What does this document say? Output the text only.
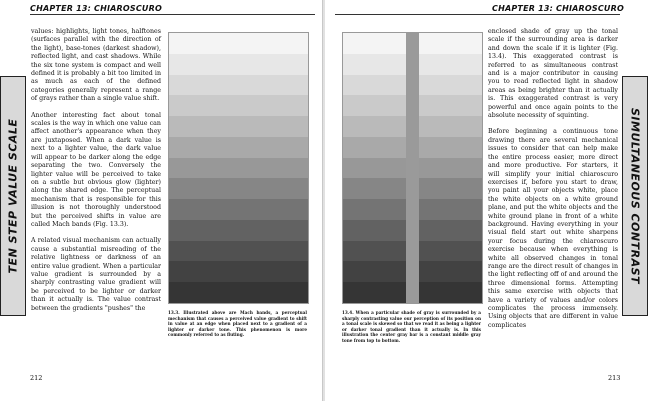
CHAPTER 13: CHIAROSCURO
TEN STEP VALUE SCALE

values: highlights, light tones, halftones (surfaces parallel with the direction of the light), base-tones (darkest shadow), reflected light, and cast shadows. While the six tone system is compact and well defined it is probably a bit too limited in as much as each of the defined categories generally represent a range of grays rather than a single value shift.

Another interesting fact about tonal scales is the way in which one value can affect another's appearance when they are juxtaposed. When a dark value is next to a lighter value, the dark value will appear to be darker along the edge separating the two. Conversely the lighter value will be perceived to take on a subtle but obvious glow (lighter) along the shared edge. The perceptual mechanism that is responsible for this illusion is not thoroughly understood but the perceived shifts in value are called Mach bands (Fig. 13.3).

A related visual mechanism can actually cause a substantial misreading of the relative lightness or darkness of an entire value gradient. When a particular value gradient is surrounded by a sharply contrasting value gradient will be perceived to be lighter or darker than it actually is. The value contrast between the gradients "pushes" the

13.3. Illustrated above are Mach bands, a perceptual mechanism that causes a perceived value gradient to shift in value at an edge when placed next to a gradient of a lighter or darker tone. This phenomenon is more commonly referred to as fluting.
212
CHAPTER 13: CHIAROSCURO
13.4. When a particular shade of gray is surrounded by a sharply contrasting value our perception of its position on a tonal scale is skewed so that we read it as being a lighter or darker tonal gradient than it actually is. In this illustration the center gray bar is a constant middle gray tone from top to bottom.

enclosed shade of gray up the tonal scale if the surrounding area is darker and down the scale if it is lighter (Fig. 13.4). This exaggerated contrast is referred to as simultaneous contrast and is a major contributor in causing you to read reflected light in shadow areas as being brighter than it actually is. This exaggerated contrast is very powerful and once again points to the absolute necessity of squinting.

Before beginning a continuous tone drawing there are several mechanical issues to consider that can help make the entire process easier, more direct and more productive. For starters, it will simplify your initial chiaroscuro exercises if, before you start to draw, you paint all your objects white, place the white objects on a white ground plane, and put the white objects and the white ground plane in front of a white background. Having everything in your visual field start out white sharpens your focus during the chiaroscuro exercise because when everything is white all observed changes in tonal range are the direct result of changes in the light reflecting off of and around the three dimensional forms. Attempting this same exercise with objects that have a variety of values and/or colors complicates the process immensely. Using objects that are different in value complicates

SIMULTANEOUS CONTRAST
213
